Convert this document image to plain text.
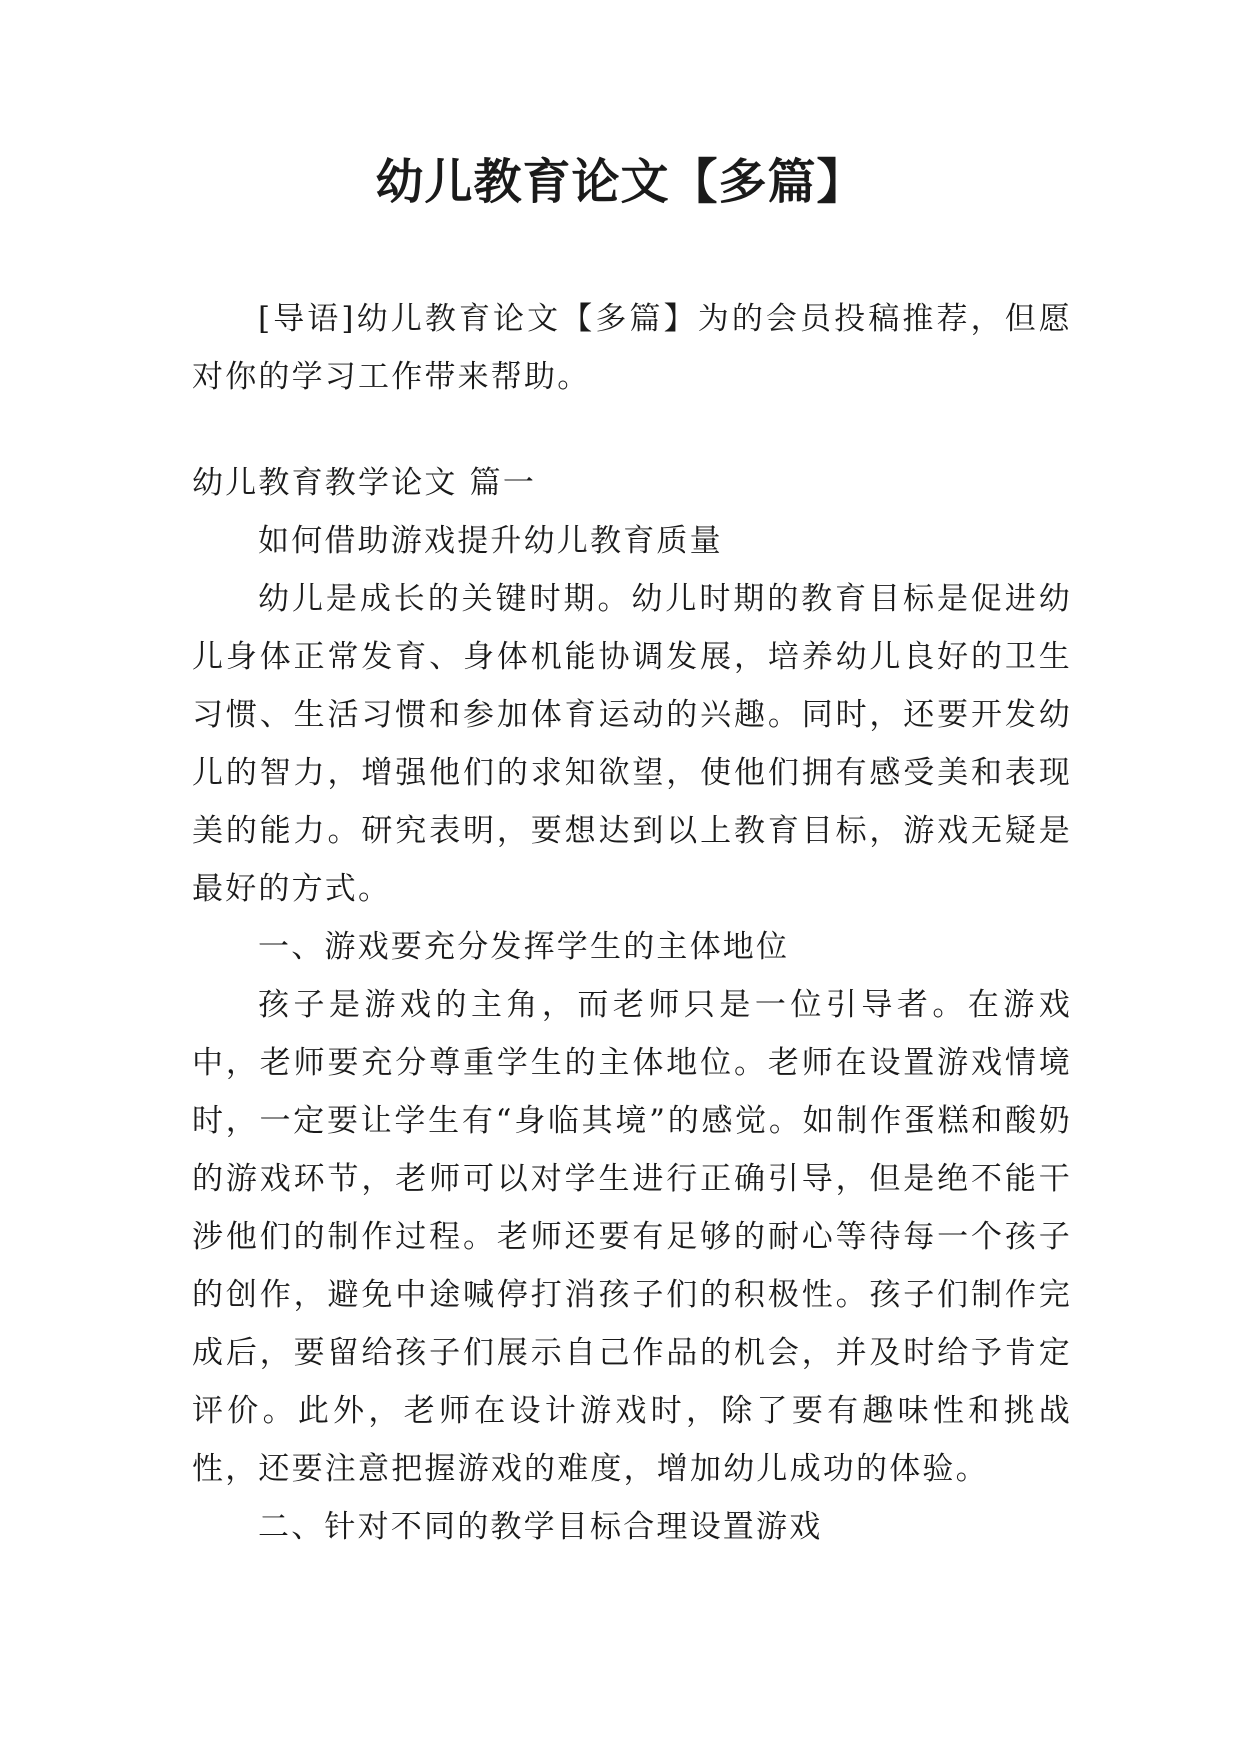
幼儿教育论文【多篇】

[导语]幼儿教育论文【多篇】为的会员投稿推荐，但愿对你的学习工作带来帮助。

幼儿教育教学论文 篇一

如何借助游戏提升幼儿教育质量

幼儿是成长的关键时期。幼儿时期的教育目标是促进幼儿身体正常发育、身体机能协调发展，培养幼儿良好的卫生习惯、生活习惯和参加体育运动的兴趣。同时，还要开发幼儿的智力，增强他们的求知欲望，使他们拥有感受美和表现美的能力。研究表明，要想达到以上教育目标，游戏无疑是最好的方式。

一、游戏要充分发挥学生的主体地位

孩子是游戏的主角，而老师只是一位引导者。在游戏中，老师要充分尊重学生的主体地位。老师在设置游戏情境时，一定要让学生有“身临其境”的感觉。如制作蛋糕和酸奶的游戏环节，老师可以对学生进行正确引导，但是绝不能干涉他们的制作过程。老师还要有足够的耐心等待每一个孩子的创作，避免中途喊停打消孩子们的积极性。孩子们制作完成后，要留给孩子们展示自己作品的机会，并及时给予肯定评价。此外，老师在设计游戏时，除了要有趣味性和挑战性，还要注意把握游戏的难度，增加幼儿成功的体验。

二、针对不同的教学目标合理设置游戏
